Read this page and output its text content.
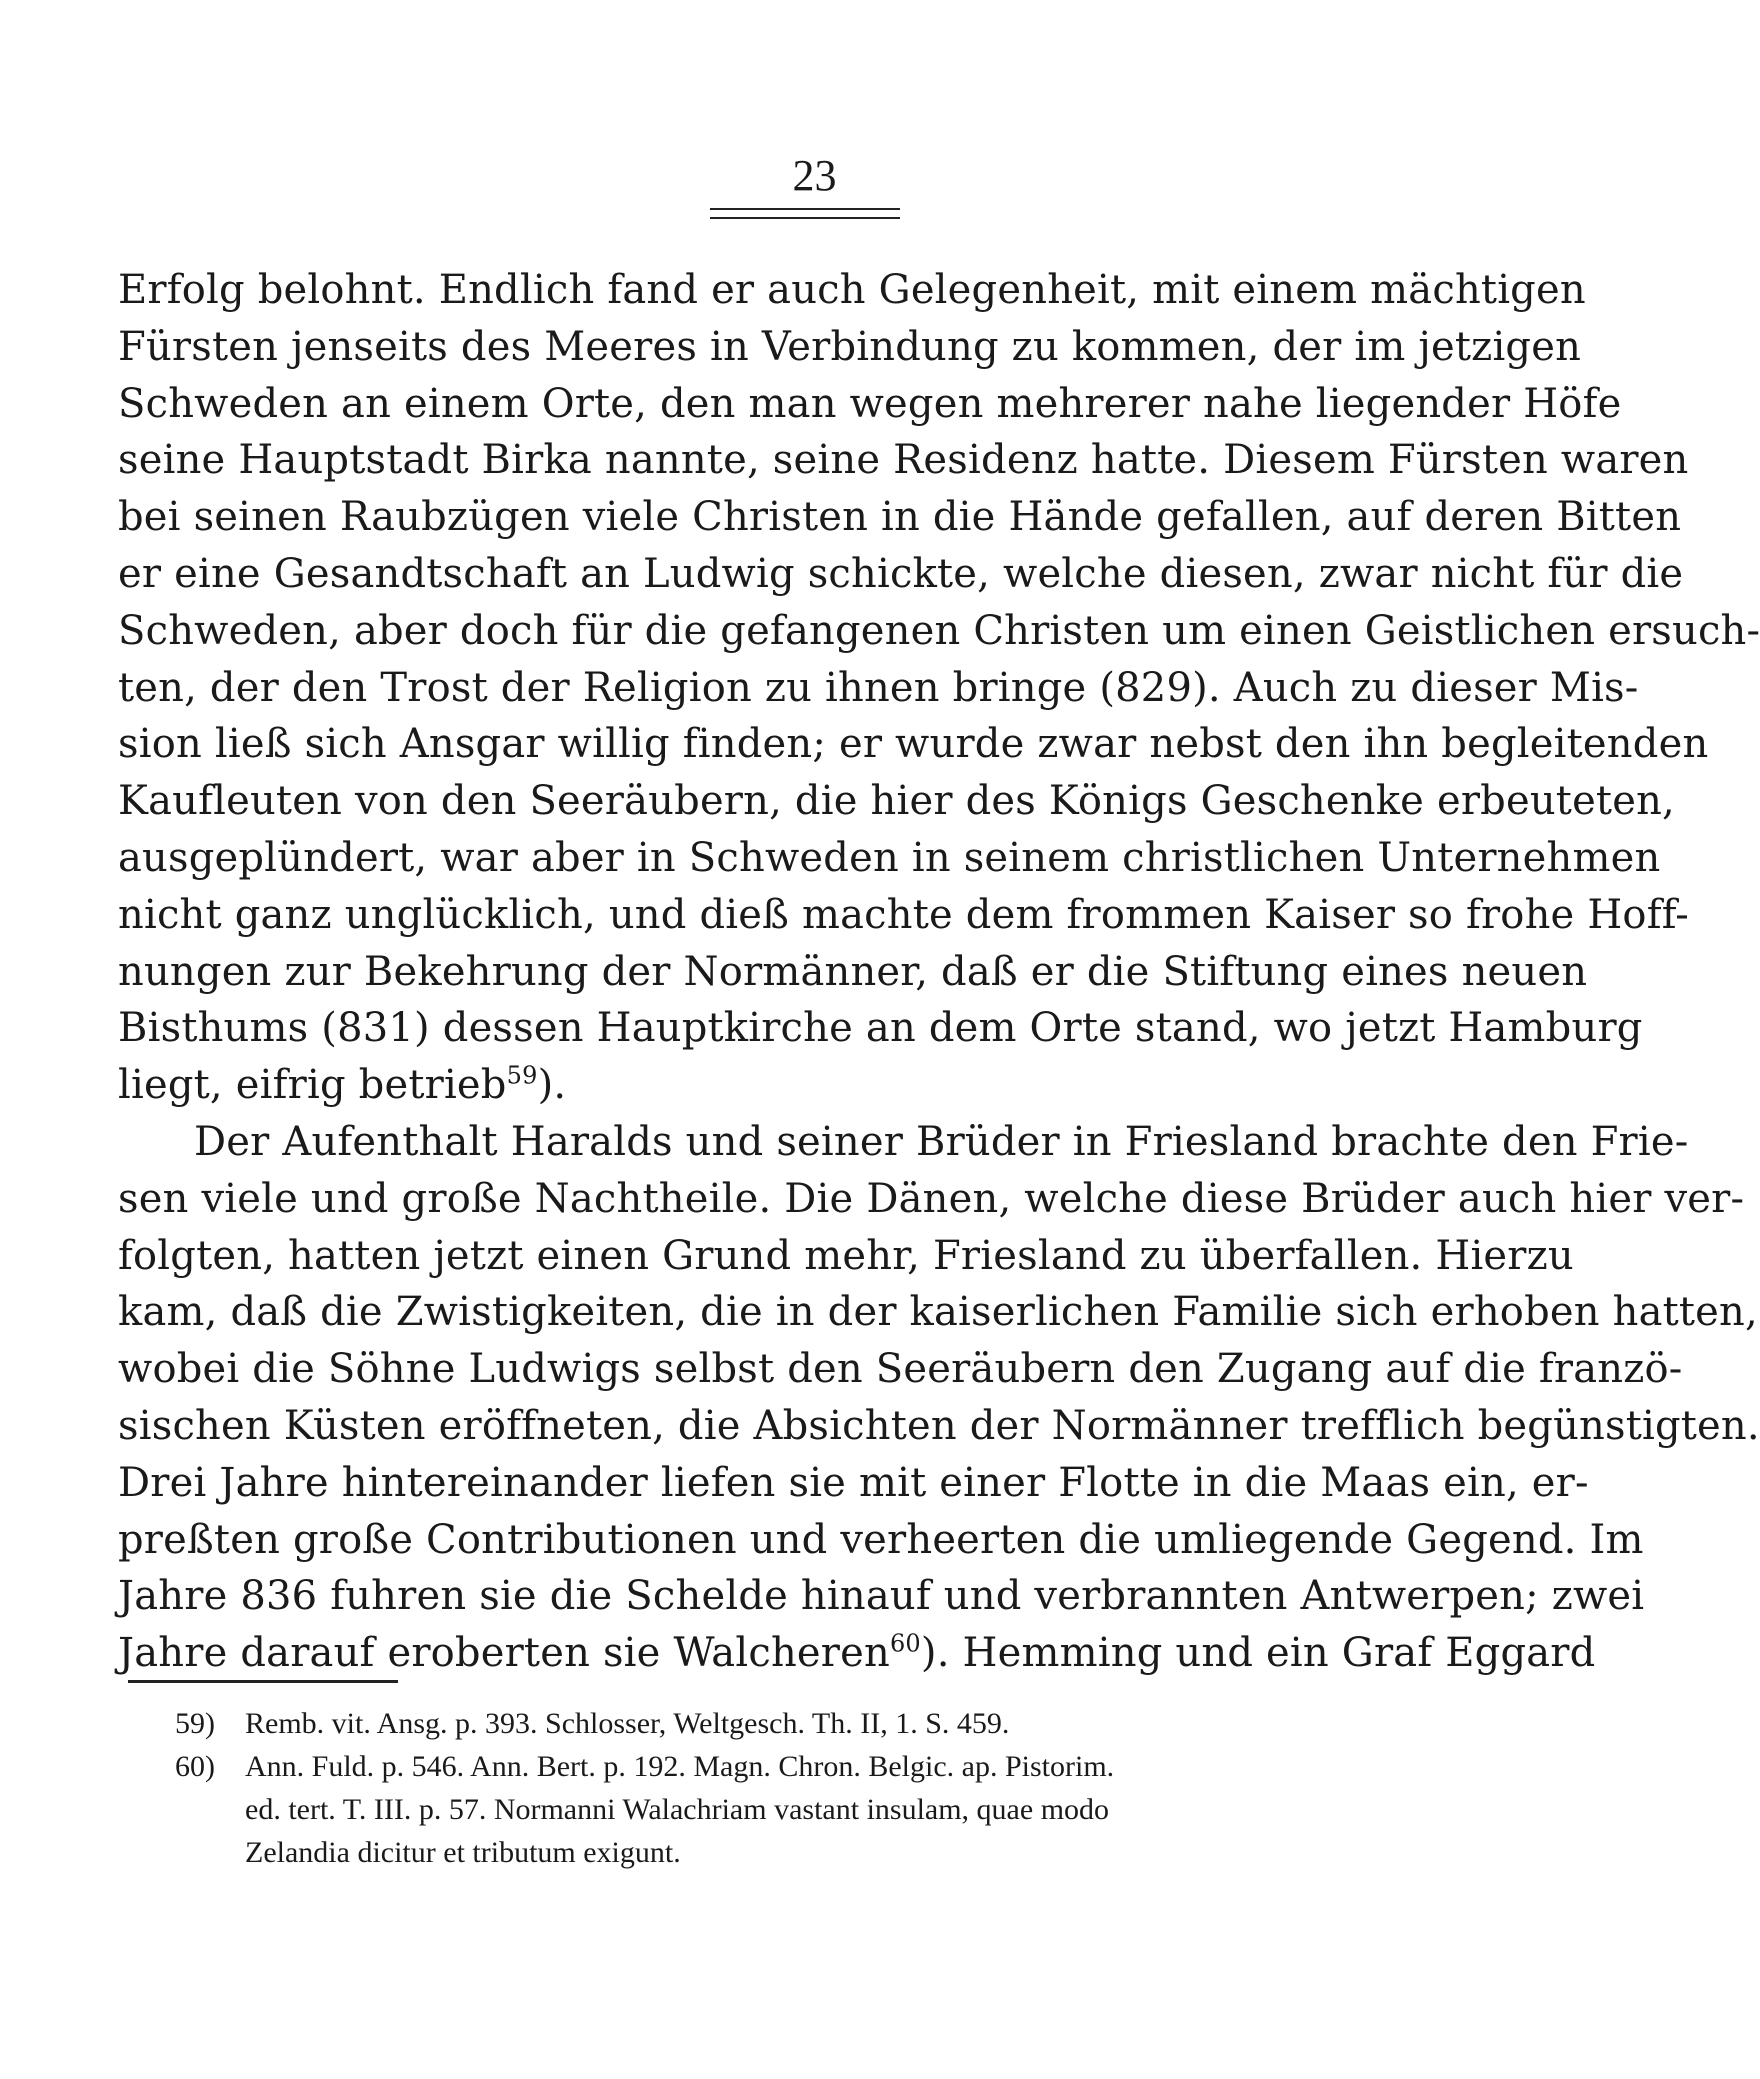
23
Erfolg belohnt. Endlich fand er auch Gelegenheit, mit einem mächtigen
Fürsten jenseits des Meeres in Verbindung zu kommen, der im jetzigen
Schweden an einem Orte, den man wegen mehrerer nahe liegender Höfe
seine Hauptstadt Birka nannte, seine Residenz hatte. Diesem Fürsten waren
bei seinen Raubzügen viele Christen in die Hände gefallen, auf deren Bitten
er eine Gesandtschaft an Ludwig schickte, welche diesen, zwar nicht für die
Schweden, aber doch für die gefangenen Christen um einen Geistlichen ersuch-
ten, der den Trost der Religion zu ihnen bringe (829). Auch zu dieser Mis-
sion ließ sich Ansgar willig finden; er wurde zwar nebst den ihn begleitenden
Kaufleuten von den Seeräubern, die hier des Königs Geschenke erbeuteten,
ausgeplündert, war aber in Schweden in seinem christlichen Unternehmen
nicht ganz unglücklich, und dieß machte dem frommen Kaiser so frohe Hoff-
nungen zur Bekehrung der Normänner, daß er die Stiftung eines neuen
Bisthums (831) dessen Hauptkirche an dem Orte stand, wo jetzt Hamburg
liegt, eifrig betrieb$^{59}$).
Der Aufenthalt Haralds und seiner Brüder in Friesland brachte den Frie-
sen viele und große Nachtheile. Die Dänen, welche diese Brüder auch hier ver-
folgten, hatten jetzt einen Grund mehr, Friesland zu überfallen. Hierzu
kam, daß die Zwistigkeiten, die in der kaiserlichen Familie sich erhoben hatten,
wobei die Söhne Ludwigs selbst den Seeräubern den Zugang auf die franzö-
sischen Küsten eröffneten, die Absichten der Normänner trefflich begünstigten.
Drei Jahre hintereinander liefen sie mit einer Flotte in die Maas ein, er-
preßten große Contributionen und verheerten die umliegende Gegend. Im
Jahre 836 fuhren sie die Schelde hinauf und verbrannten Antwerpen; zwei
Jahre darauf eroberten sie Walcheren$^{60}$). Hemming und ein Graf Eggard
59) Remb. vit. Ansg. p. 393. Schlosser, Weltgesch. Th. II, 1. S. 459.
60) Ann. Fuld. p. 546. Ann. Bert. p. 192. Magn. Chron. Belgic. ap. Pistorim.
ed. tert. T. III. p. 57. Normanni Walachriam vastant insulam, quae modo
Zelandia dicitur et tributum exigunt.
